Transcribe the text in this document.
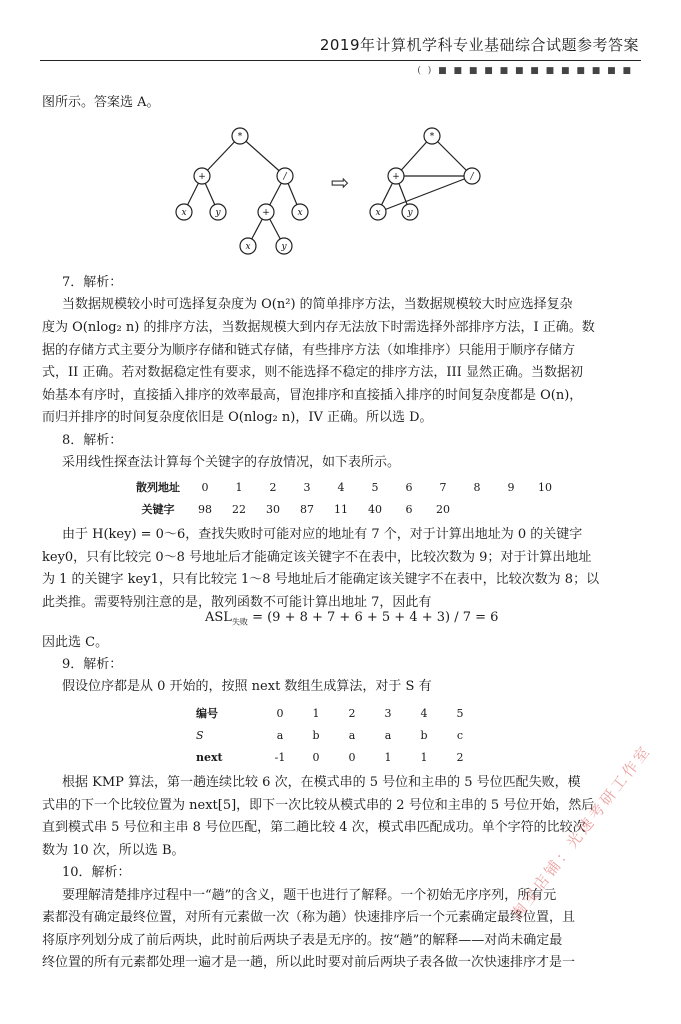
2019年计算机学科专业基础综合试题参考答案
( ) ■ ■ ■ ■ ■ ■ ■ ■ ■ ■ ■ ■ ■
图所示。答案选 A。
*
+	/
x	y	+	x
x	y
*
+	/
x	y
⇨
7．解析：
当数据规模较小时可选择复杂度为 O(n²) 的简单排序方法，当数据规模较大时应选择复杂
度为 O(nlog₂ n) 的排序方法，当数据规模大到内存无法放下时需选择外部排序方法，I 正确。数
据的存储方式主要分为顺序存储和链式存储，有些排序方法（如堆排序）只能用于顺序存储方
式，II 正确。若对数据稳定性有要求，则不能选择不稳定的排序方法，III 显然正确。当数据初
始基本有序时，直接插入排序的效率最高，冒泡排序和直接插入排序的时间复杂度都是 O(n)，
而归并排序的时间复杂度依旧是 O(nlog₂ n)，IV 正确。所以选 D。
8．解析：
采用线性探查法计算每个关键字的存放情况，如下表所示。
散列地址	0	1	2	3	4	5	6	7	8	9	10
关键字	98	22	30	87	11	40	6	20			
由于 H(key) = 0～6，查找失败时可能对应的地址有 7 个，对于计算出地址为 0 的关键字
key0，只有比较完 0～8 号地址后才能确定该关键字不在表中，比较次数为 9；对于计算出地址
为 1 的关键字 key1，只有比较完 1～8 号地址后才能确定该关键字不在表中，比较次数为 8；以
此类推。需要特别注意的是，散列函数不可能计算出地址 7，因此有
$ASL_{失败} = (9 + 8 + 7 + 6 + 5 + 4 + 3) / 7 = 6$
因此选 C。
9．解析：
假设位序都是从 0 开始的，按照 next 数组生成算法，对于 S 有
编号	0	1	2	3	4	5
S	a	b	a	a	b	c
next	-1	0	0	1	1	2
根据 KMP 算法，第一趟连续比较 6 次，在模式串的 5 号位和主串的 5 号位匹配失败，模
式串的下一个比较位置为 next[5]，即下一次比较从模式串的 2 号位和主串的 5 号位开始，然后
直到模式串 5 号位和主串 8 号位匹配，第二趟比较 4 次，模式串匹配成功。单个字符的比较次
数为 10 次，所以选 B。
10．解析：
要理解清楚排序过程中一“趟”的含义，题干也进行了解释。一个初始无序序列，所有元
素都没有确定最终位置，对所有元素做一次（称为趟）快速排序后一个元素确定最终位置，且
将原序列划分成了前后两块，此时前后两块子表是无序的。按“趟”的解释——对尚未确定最
终位置的所有元素都处理一遍才是一趟，所以此时要对前后两块子表各做一次快速排序才是一
淘宝店铺：光速考研工作室
